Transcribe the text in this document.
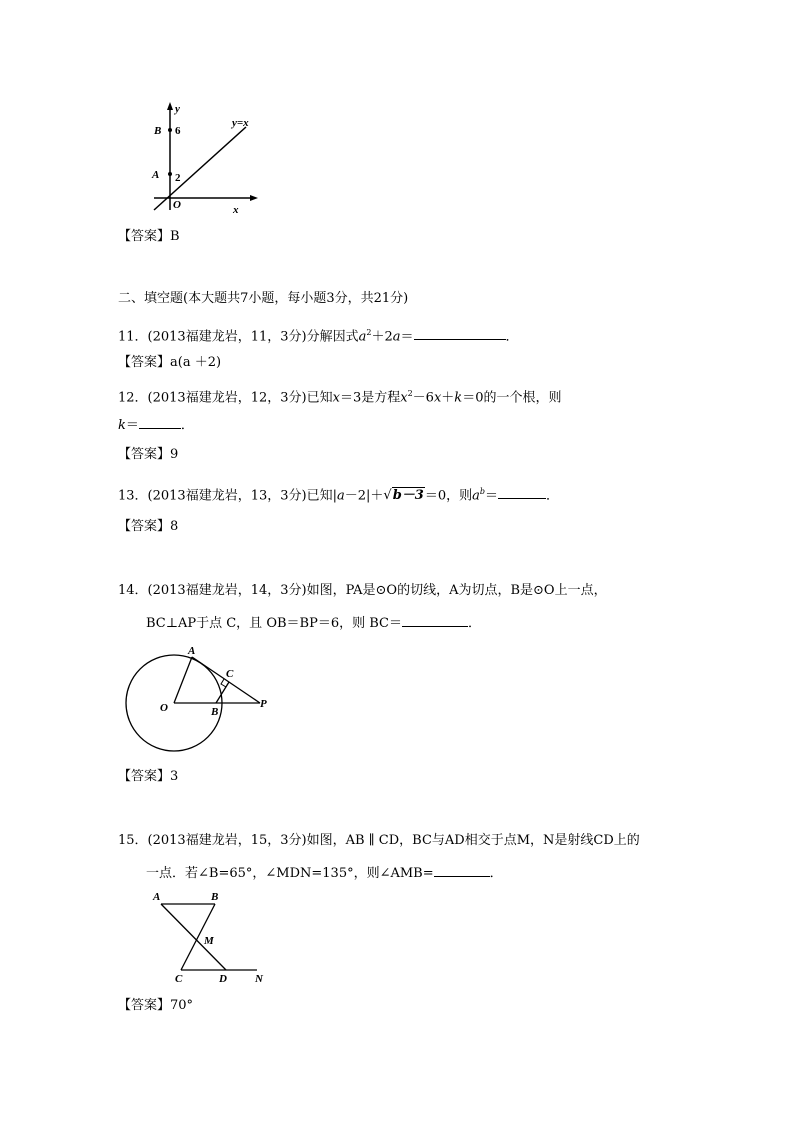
y
B 6
A 2
O	x
y=x
【答案】B
二、填空题(本大题共7小题，每小题3分，共21分)
11．(2013福建龙岩，11，3分)分解因式$a^2+2a=$	．
【答案】a(a ＋2)
12．(2013福建龙岩，12，3分)已知x＝3是方程$x^2-6x+k=0$的一个根，则
k＝	．
【答案】9
13．(2013福建龙岩，13，3分)已知|a－2|＋√b－3＝0，则$a^b=$	．
【答案】8
14．(2013福建龙岩，14，3分)如图，PA是⊙O的切线，A为切点，B是⊙O上一点，
BC⊥AP于点 C，且 OB＝BP＝6，则 BC＝	．
A
C
O	B
P
【答案】3
15．(2013福建龙岩，15，3分)如图，AB ∥ CD，BC与AD相交于点M，N是射线CD上的
一点．若∠B=65°，∠MDN=135°，则∠AMB=	．
A	B
M
C	D	N
【答案】70°
